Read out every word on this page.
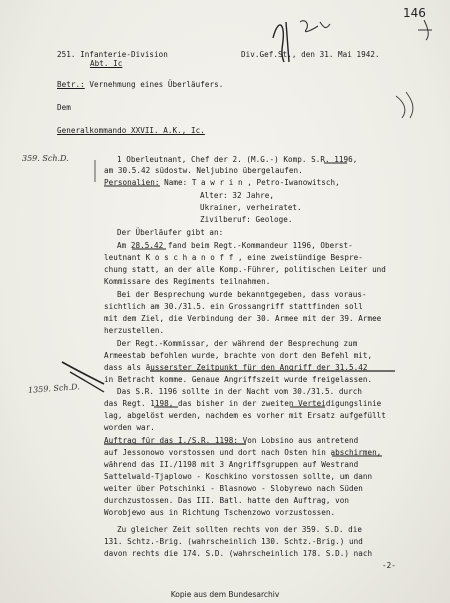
251. Infanterie-Division
Abt. Ic
Div.Gef.St., den 31. Mai 1942.
146
Betr.: Vernehmung eines Überläufers.
Dem
Generalkommando XXVII. A.K., Ic.
359. Sch.D.
1359. Sch.D.
1 Oberleutnant, Chef der 2. (M.G.-) Komp. S.R. 1196,
am 30.5.42 südostw. Neljubino übergelaufen.
Personalien: Name: T a w r i n , Petro-Iwanowitsch,
Alter: 32 Jahre,
Ukrainer, verheiratet.
Zivilberuf: Geologe.
Der Überläufer gibt an:
Am 28.5.42 fand beim Regt.-Kommandeur 1196, Oberst-
leutnant K o s c h a n o f f , eine zweistündige Bespre-
chung statt, an der alle Komp.-Führer, politischen Leiter und
Kommissare des Regiments teilnahmen.
Bei der Besprechung wurde bekanntgegeben, dass voraus-
sichtlich am 30./31.5. ein Grossangriff stattfinden soll
mit dem Ziel, die Verbindung der 30. Armee mit der 39. Armee
herzustellen.
Der Regt.-Kommissar, der während der Besprechung zum
Armeestab befohlen wurde, brachte von dort den Befehl mit,
dass als äusserster Zeitpunkt für den Angriff der 31.5.42
in Betracht komme. Genaue Angriffszeit wurde freigelassen.
Das S.R. 1196 sollte in der Nacht vom 30./31.5. durch
das Regt. 1198, das bisher in der zweiten Verteidigungslinie
lag, abgelöst werden, nachdem es vorher mit Ersatz aufgefüllt
worden war.
Auftrag für das I./S.R. 1198: Von Lobsino aus antretend
auf Jessonowo vorstossen und dort nach Osten hin abschirmen,
während das II./1198 mit 3 Angriffsgruppen auf Westrand
Sattelwald-Tjaplowo - Koschkino vorstossen sollte, um dann
weiter über Potschinki - Blasnowo - Slobyrewo nach Süden
durchzustossen. Das III. Batl. hatte den Auftrag, von
Worobjewo aus in Richtung Tschenzowo vorzustossen.
Zu gleicher Zeit sollten rechts von der 359. S.D. die
131. Schtz.-Brig. (wahrscheinlich 130. Schtz.-Brig.) und
davon rechts die 174. S.D. (wahrscheinlich 178. S.D.) nach
-2-
Kopie aus dem Bundesarchiv
